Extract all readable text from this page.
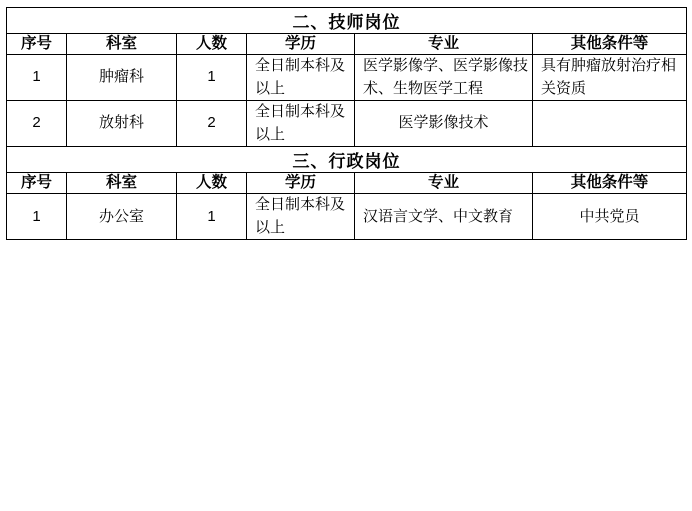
二、技师岗位					
序号	科室	人数	学历	专业	其他条件等
1	肿瘤科	1	全日制本科及以上	医学影像学、医学影像技术、生物医学工程	具有肿瘤放射治疗相关资质
2	放射科	2	全日制本科及以上	医学影像技术	
三、行政岗位					
序号	科室	人数	学历	专业	其他条件等
1	办公室	1	全日制本科及以上	汉语言文学、中文教育	中共党员
